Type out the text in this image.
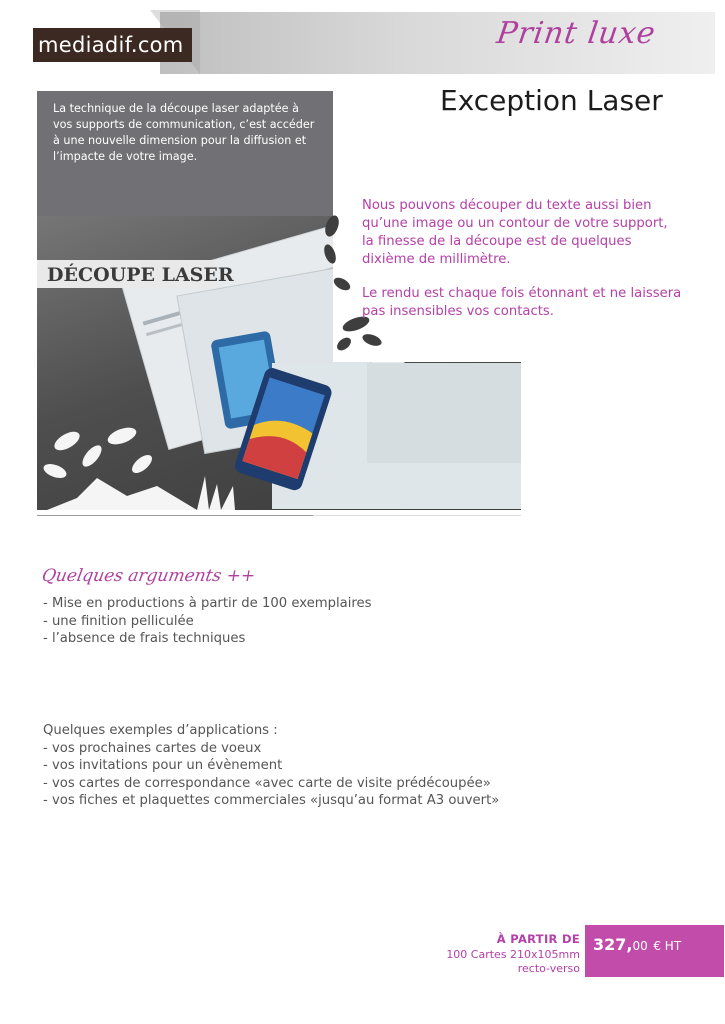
mediadif.com	Print luxe
Exception Laser
La technique de la découpe laser adaptée à vos supports de communication, c’est accéder à une nouvelle dimension pour la diffusion et l’impacte de votre image.
DÉCOUPE LASER
Nous pouvons découper du texte aussi bien qu’une image ou un contour de votre support, la finesse de la découpe est de quelques dixième de millimètre.
Le rendu est chaque fois étonnant et ne laissera pas insensibles vos contacts.
Quelques arguments ++
- Mise en productions à partir de 100 exemplaires
- une finition pelliculée
- l’absence de frais techniques
Quelques exemples d’applications :
- vos prochaines cartes de voeux
- vos invitations pour un évènement
- vos cartes de correspondance «avec carte de visite prédécoupée»
- vos fiches et plaquettes commerciales «jusqu’au format A3 ouvert»
À PARTIR DE
100 Cartes 210x105mm
recto-verso
327,00 € HT
